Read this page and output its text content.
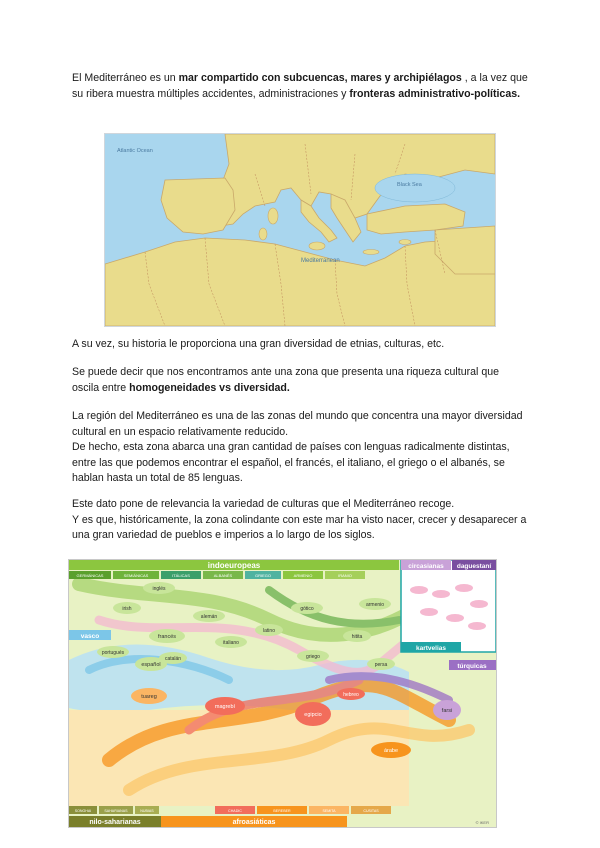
El Mediterráneo es un mar compartido con subcuencas, mares y archipiélagos , a la vez que su ribera muestra múltiples accidentes, administraciones y fronteras administrativo-políticas.

Atlantic Ocean
Black Sea
Mediterranean

A su vez, su historia le proporciona una gran diversidad de etnias, culturas, etc.

Se puede decir que nos encontramos ante una zona que presenta una riqueza cultural que oscila entre homogeneidades vs diversidad.

La región del Mediterráneo es una de las zonas del mundo que concentra una mayor diversidad cultural en un espacio relativamente reducido.
De hecho, esta zona abarca una gran cantidad de países con lenguas radicalmente distintas, entre las que podemos encontrar el español, el francés, el italiano, el griego o el albanés, se hablan hasta un total de 85 lenguas.

Este dato pone de relevancia la variedad de culturas que el Mediterráneo recoge.
Y es que, históricamente, la zona colindante con este mar ha visto nacer, crecer y desaparecer a una gran variedad de pueblos e imperios a lo largo de los siglos.

indoeuropeas
GERMÁNICAS	SEMIÁNICAS	ITÁLICAS	ALBANÉS	GRIEGO	ARMENIO	IRANIO
circasianas daguestaní
kartvelias
vasco
túrquicas
inglés
irish
francés
alemán
catalán
portugués
español
italiano
latino
gótico
griego
hitita
armenio
persa
tuareg
magrebí
egipcio
hebreo
árabe
farsi
SONGHAI	SAHARIANAS	NUBIAS	CHADIC	BEREBER	SEMITA	CUSITAS
nilo-saharianas	afroasiáticas	© IKER
